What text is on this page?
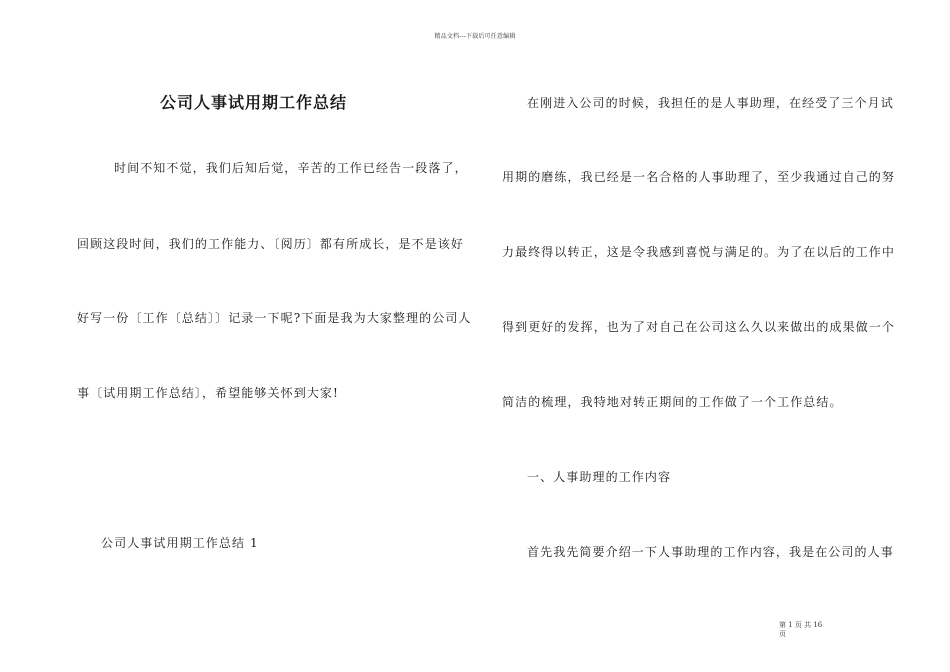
精品文档---下载后可任意编辑
公司人事试用期工作总结
时间不知不觉，我们后知后觉，辛苦的工作已经告一段落了，
回顾这段时间，我们的工作能力、〔阅历〕都有所成长，是不是该好
好写一份〔工作〔总结〕〕记录一下呢?下面是我为大家整理的公司人
事〔试用期工作总结〕，希望能够关怀到大家!
公司人事试用期工作总结 1
在刚进入公司的时候，我担任的是人事助理，在经受了三个月试
用期的磨练，我已经是一名合格的人事助理了，至少我通过自己的努
力最终得以转正，这是令我感到喜悦与满足的。为了在以后的工作中
得到更好的发挥，也为了对自己在公司这么久以来做出的成果做一个
简洁的梳理，我特地对转正期间的工作做了一个工作总结。
一、人事助理的工作内容
首先我先简要介绍一下人事助理的工作内容，我是在公司的人事
第 1 页 共 16
页
